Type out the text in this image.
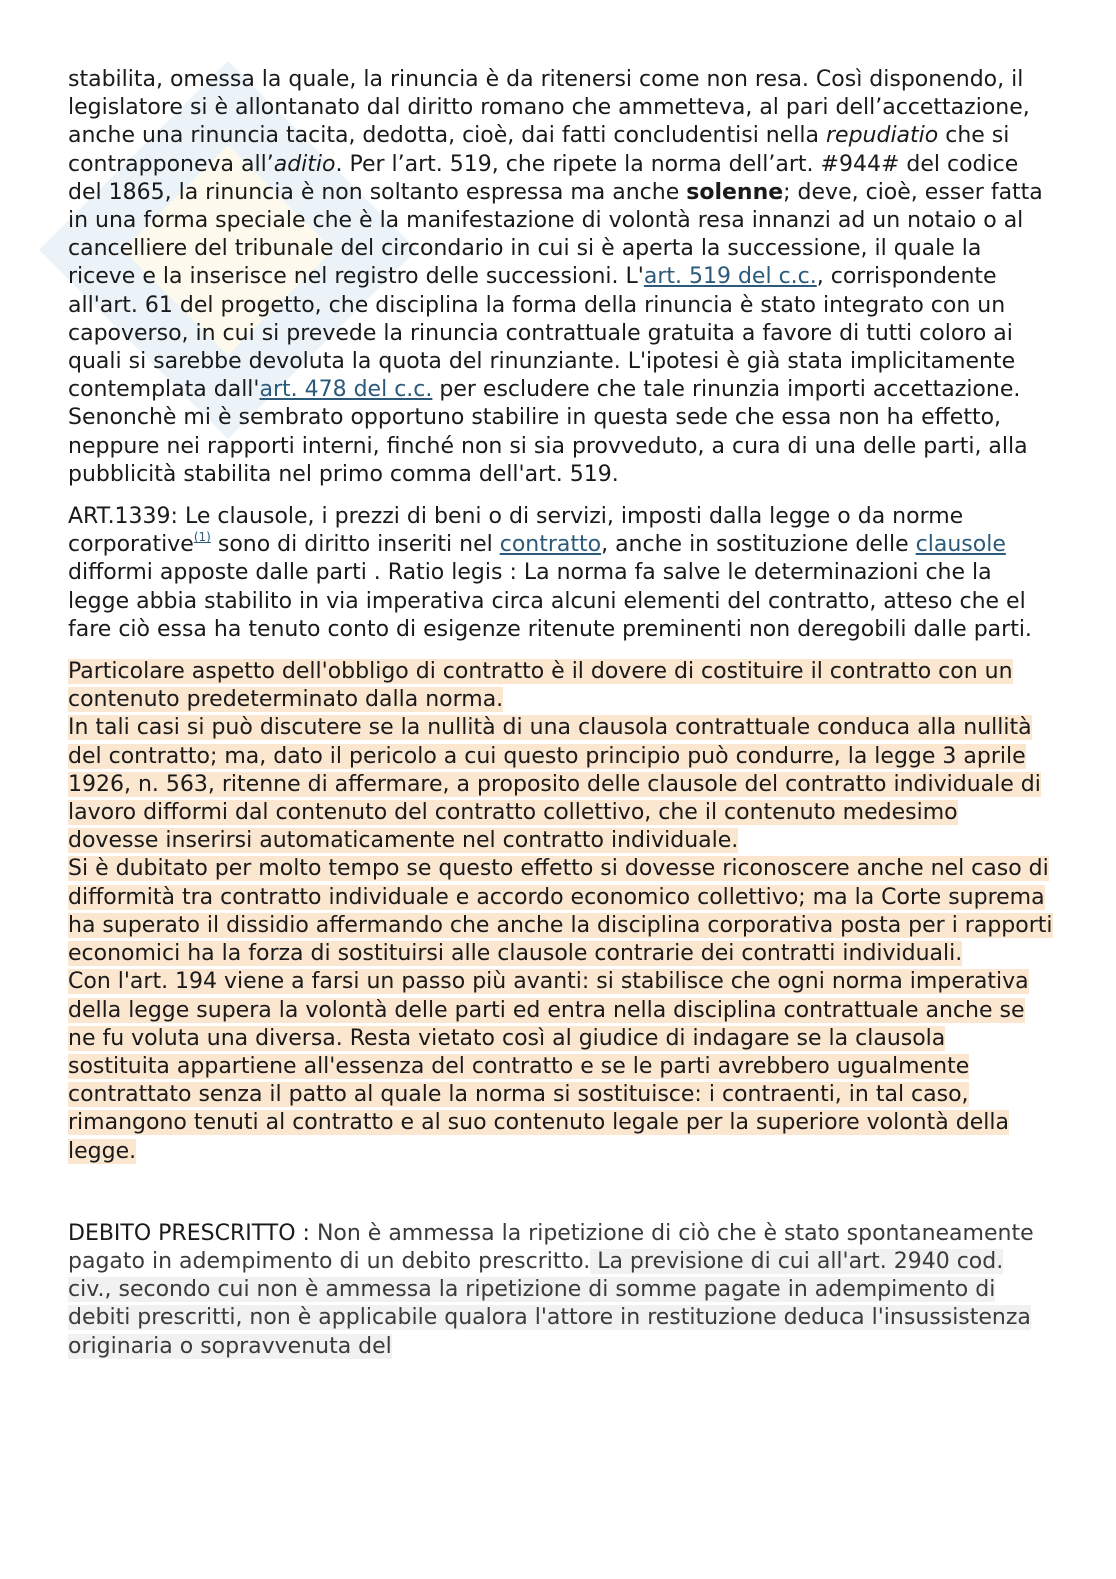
stabilita, omessa la quale, la rinuncia è da ritenersi come non resa. Così disponendo, il legislatore si è allontanato dal diritto romano che ammetteva, al pari dell’accettazione, anche una rinuncia tacita, dedotta, cioè, dai fatti concludentisi nella repudiatio che si contrapponeva all’aditio. Per l’art. 519, che ripete la norma dell’art. #944# del codice del 1865, la rinuncia è non soltanto espressa ma anche solenne; deve, cioè, esser fatta in una forma speciale che è la manifestazione di volontà resa innanzi ad un notaio o al cancelliere del tribunale del circondario in cui si è aperta la successione, il quale la riceve e la inserisce nel registro delle successioni. L'art. 519 del c.c., corrispondente all'art. 61 del progetto, che disciplina la forma della rinuncia è stato integrato con un capoverso, in cui si prevede la rinuncia contrattuale gratuita a favore di tutti coloro ai quali si sarebbe devoluta la quota del rinunziante. L'ipotesi è già stata implicitamente contemplata dall'art. 478 del c.c. per escludere che tale rinunzia importi accettazione. Senonchè mi è sembrato opportuno stabilire in questa sede che essa non ha effetto, neppure nei rapporti interni, finché non si sia provveduto, a cura di una delle parti, alla pubblicità stabilita nel primo comma dell'art. 519.

ART.1339: Le clausole, i prezzi di beni o di servizi, imposti dalla legge o da norme corporative$^{(1)}$ sono di diritto inseriti nel contratto, anche in sostituzione delle clausole difformi apposte dalle parti . Ratio legis : La norma fa salve le determinazioni che la legge abbia stabilito in via imperativa circa alcuni elementi del contratto, atteso che el fare ciò essa ha tenuto conto di esigenze ritenute preminenti non deregobili dalle parti.

Particolare aspetto dell'obbligo di contratto è il dovere di costituire il contratto con un contenuto predeterminato dalla norma.

In tali casi si può discutere se la nullità di una clausola contrattuale conduca alla nullità del contratto; ma, dato il pericolo a cui questo principio può condurre, la legge 3 aprile 1926, n. 563, ritenne di affermare, a proposito delle clausole del contratto individuale di lavoro difformi dal contenuto del contratto collettivo, che il contenuto medesimo dovesse inserirsi automaticamente nel contratto individuale.

Si è dubitato per molto tempo se questo effetto si dovesse riconoscere anche nel caso di difformità tra contratto individuale e accordo economico collettivo; ma la Corte suprema ha superato il dissidio affermando che anche la disciplina corporativa posta per i rapporti economici ha la forza di sostituirsi alle clausole contrarie dei contratti individuali.

Con l'art. 194 viene a farsi un passo più avanti: si stabilisce che ogni norma imperativa della legge supera la volontà delle parti ed entra nella disciplina contrattuale anche se ne fu voluta una diversa. Resta vietato così al giudice di indagare se la clausola sostituita appartiene all'essenza del contratto e se le parti avrebbero ugualmente contrattato senza il patto al quale la norma si sostituisce: i contraenti, in tal caso, rimangono tenuti al contratto e al suo contenuto legale per la superiore volontà della legge.

DEBITO PRESCRITTO : Non è ammessa la ripetizione di ciò che è stato spontaneamente pagato in adempimento di un debito prescritto. La previsione di cui all'art. 2940 cod. civ., secondo cui non è ammessa la ripetizione di somme pagate in adempimento di debiti prescritti, non è applicabile qualora l'attore in restituzione deduca l'insussistenza originaria o sopravvenuta del
